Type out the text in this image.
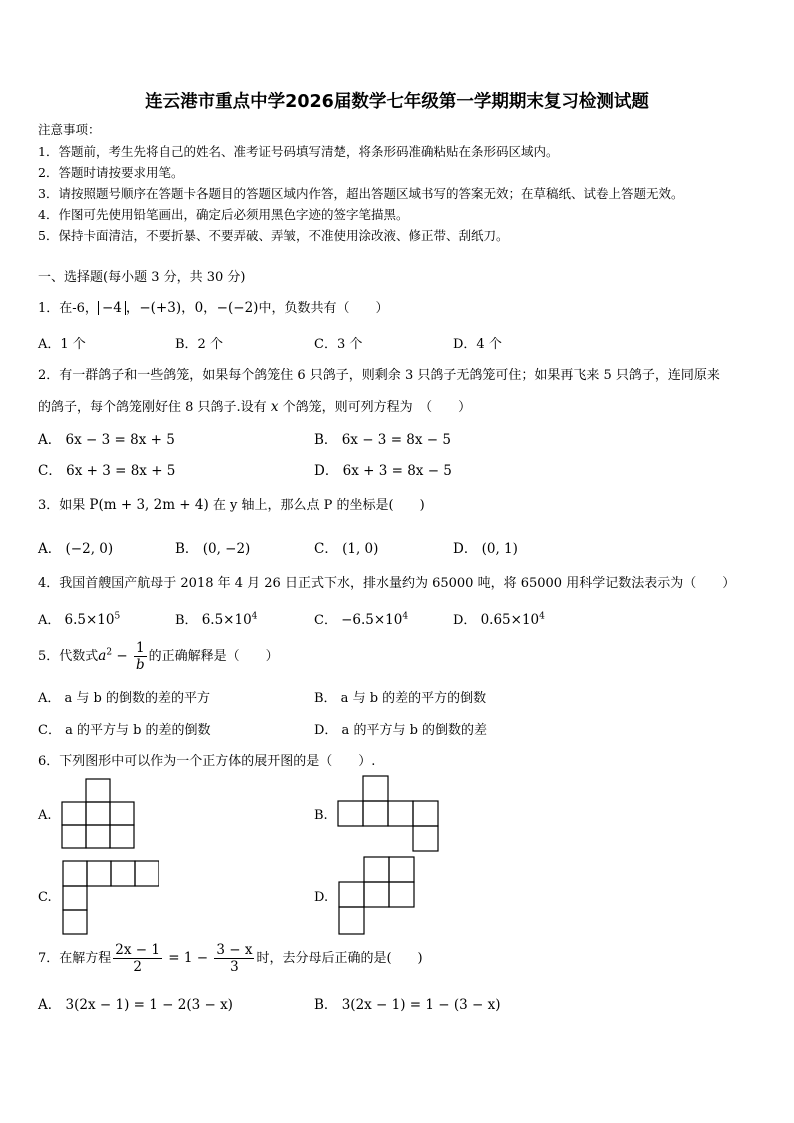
连云港市重点中学2026届数学七年级第一学期期末复习检测试题
注意事项：
1．答题前，考生先将自己的姓名、准考证号码填写清楚，将条形码准确粘贴在条形码区域内。
2．答题时请按要求用笔。
3．请按照题号顺序在答题卡各题目的答题区域内作答，超出答题区域书写的答案无效；在草稿纸、试卷上答题无效。
4．作图可先使用铅笔画出，确定后必须用黑色字迹的签字笔描黑。
5．保持卡面清洁，不要折暴、不要弄破、弄皱，不准使用涂改液、修正带、刮纸刀。
一、选择题(每小题 3 分，共 30 分)
1．在-6， −4 ，−(+3)，0，−(−2)中，负数共有（　　）
A．1 个	B．2 个	C．3 个	D．4 个
2．有一群鸽子和一些鸽笼，如果每个鸽笼住 6 只鸽子，则剩余 3 只鸽子无鸽笼可住；如果再飞来 5 只鸽子，连同原来
的鸽子，每个鸽笼刚好住 8 只鸽子.设有 x 个鸽笼，则可列方程为　（　　）
A． 6x − 3 = 8x + 5	B． 6x − 3 = 8x − 5
C． 6x + 3 = 8x + 5	D． 6x + 3 = 8x − 5
3．如果 P(m + 3, 2m + 4) 在 y 轴上，那么点 P 的坐标是(　　)
A． (−2, 0)	B． (0, −2)	C． (1, 0)	D． (0, 1)
4．我国首艘国产航母于 2018 年 4 月 26 日正式下水，排水量约为 65000 吨，将 65000 用科学记数法表示为（　　）
A． $6.5\times 10^5$	B． $6.5\times 10^4$	C． $-6.5\times 10^4$	D． $0.65\times 10^4$
5．代数式$a^2 - \frac{1}{b}$ 的正确解释是（　　）
A． a 与 b 的倒数的差的平方	B． a 与 b 的差的平方的倒数
C． a 的平方与 b 的差的倒数	D． a 的平方与 b 的倒数的差
6．下列图形中可以作为一个正方体的展开图的是（　　）.
A.	B.
C.	D.
7．在解方程 $\frac{2x - 1}{2} = 1 - \frac{3 - x}{3}$ 时，去分母后正确的是(　　)
A． 3(2x − 1) = 1 − 2(3 − x)	B． 3(2x − 1) = 1 − (3 − x)
